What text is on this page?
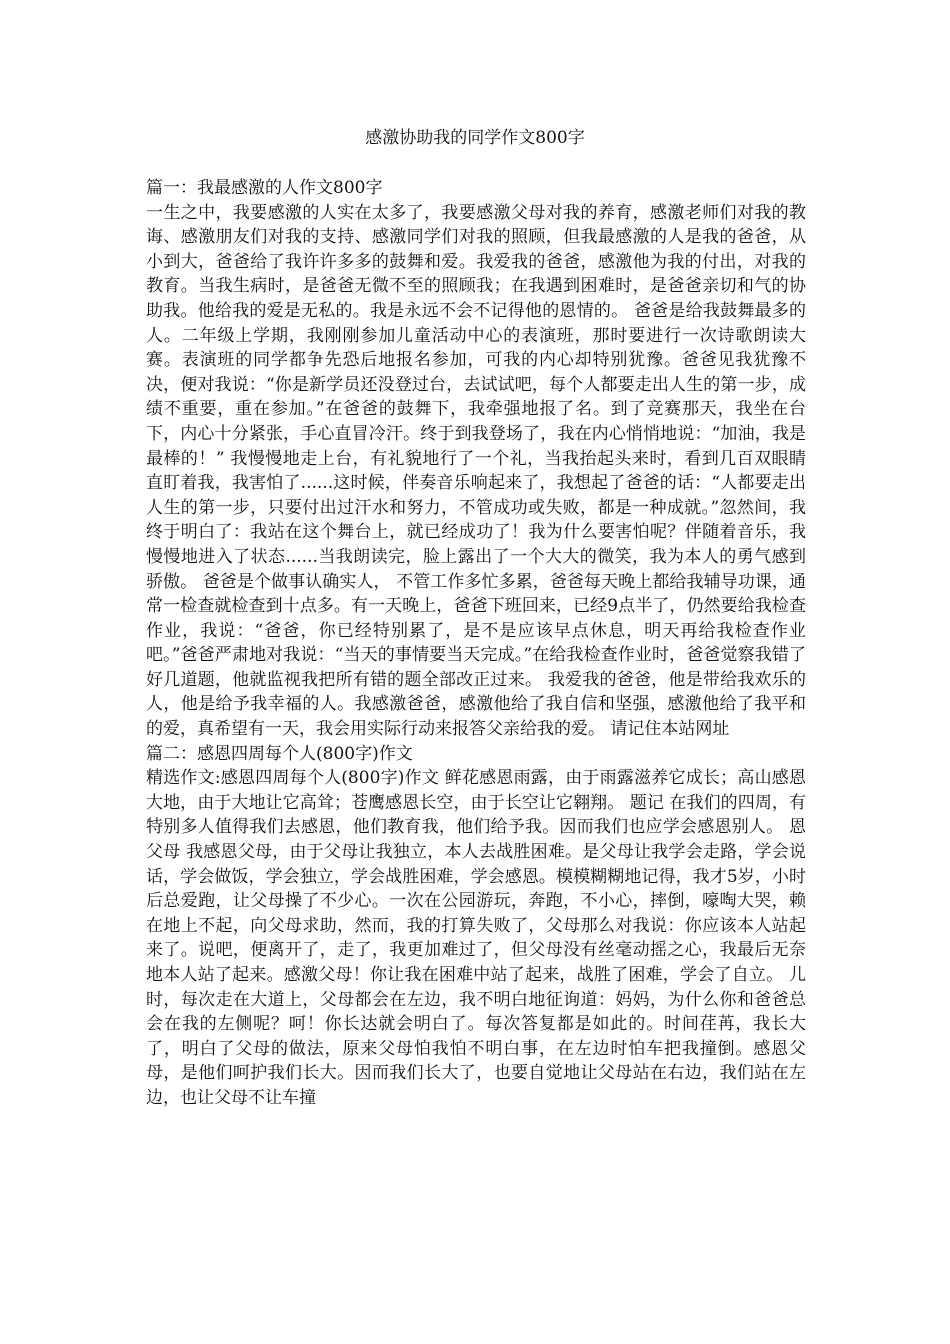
感激协助我的同学作文800字
篇一：我最感激的人作文800字

一生之中，我要感激的人实在太多了，我要感激父母对我的养育，感激老师们对我的教诲、感激朋友们对我的支持、感激同学们对我的照顾，但我最感激的人是我的爸爸，从小到大，爸爸给了我许许多多的鼓舞和爱。我爱我的爸爸，感激他为我的付出，对我的教育。当我生病时，是爸爸无微不至的照顾我；在我遇到困难时，是爸爸亲切和气的协助我。他给我的爱是无私的。我是永远不会不记得他的恩情的。 爸爸是给我鼓舞最多的人。二年级上学期，我刚刚参加儿童活动中心的表演班，那时要进行一次诗歌朗读大赛。表演班的同学都争先恐后地报名参加，可我的内心却特别犹豫。爸爸见我犹豫不决，便对我说：“你是新学员还没登过台，去试试吧，每个人都要走出人生的第一步，成绩不重要，重在参加。”在爸爸的鼓舞下，我牵强地报了名。到了竞赛那天，我坐在台下，内心十分紧张，手心直冒冷汗。终于到我登场了，我在内心悄悄地说：“加油，我是最棒的！” 我慢慢地走上台，有礼貌地行了一个礼，当我抬起头来时，看到几百双眼睛直盯着我，我害怕了......这时候，伴奏音乐响起来了，我想起了爸爸的话：“人都要走出人生的第一步，只要付出过汗水和努力，不管成功或失败，都是一种成就。”忽然间，我终于明白了：我站在这个舞台上，就已经成功了！我为什么要害怕呢？伴随着音乐，我慢慢地进入了状态......当我朗读完，脸上露出了一个大大的微笑，我为本人的勇气感到骄傲。 爸爸是个做事认确实人， 不管工作多忙多累，爸爸每天晚上都给我辅导功课，通常一检查就检查到十点多。有一天晚上，爸爸下班回来，已经9点半了，仍然要给我检查作业，我说：“爸爸，你已经特别累了，是不是应该早点休息，明天再给我检查作业吧。”爸爸严肃地对我说：“当天的事情要当天完成。”在给我检查作业时，爸爸觉察我错了好几道题，他就监视我把所有错的题全部改正过来。 我爱我的爸爸，他是带给我欢乐的人，他是给予我幸福的人。我感激爸爸，感激他给了我自信和坚强，感激他给了我平和的爱，真希望有一天，我会用实际行动来报答父亲给我的爱。 请记住本站网址

篇二：感恩四周每个人(800字)作文

精选作文:感恩四周每个人(800字)作文 鲜花感恩雨露，由于雨露滋养它成长；高山感恩大地，由于大地让它高耸；苍鹰感恩长空，由于长空让它翱翔。 题记 在我们的四周，有特别多人值得我们去感恩，他们教育我，他们给予我。因而我们也应学会感恩别人。 恩父母 我感恩父母，由于父母让我独立，本人去战胜困难。是父母让我学会走路，学会说话，学会做饭，学会独立，学会战胜困难，学会感恩。模模糊糊地记得，我才5岁，小时后总爱跑，让父母操了不少心。一次在公园游玩，奔跑，不小心，摔倒，嚎啕大哭，赖在地上不起，向父母求助，然而，我的打算失败了，父母那么对我说：你应该本人站起来了。说吧，便离开了，走了，我更加难过了，但父母没有丝毫动摇之心，我最后无奈地本人站了起来。感激父母！你让我在困难中站了起来，战胜了困难，学会了自立。 儿时，每次走在大道上，父母都会在左边，我不明白地征询道：妈妈，为什么你和爸爸总会在我的左侧呢？呵！你长达就会明白了。每次答复都是如此的。时间荏苒，我长大了，明白了父母的做法，原来父母怕我怕不明白事，在左边时怕车把我撞倒。感恩父母，是他们呵护我们长大。因而我们长大了，也要自觉地让父母站在右边，我们站在左边，也让父母不让车撞
